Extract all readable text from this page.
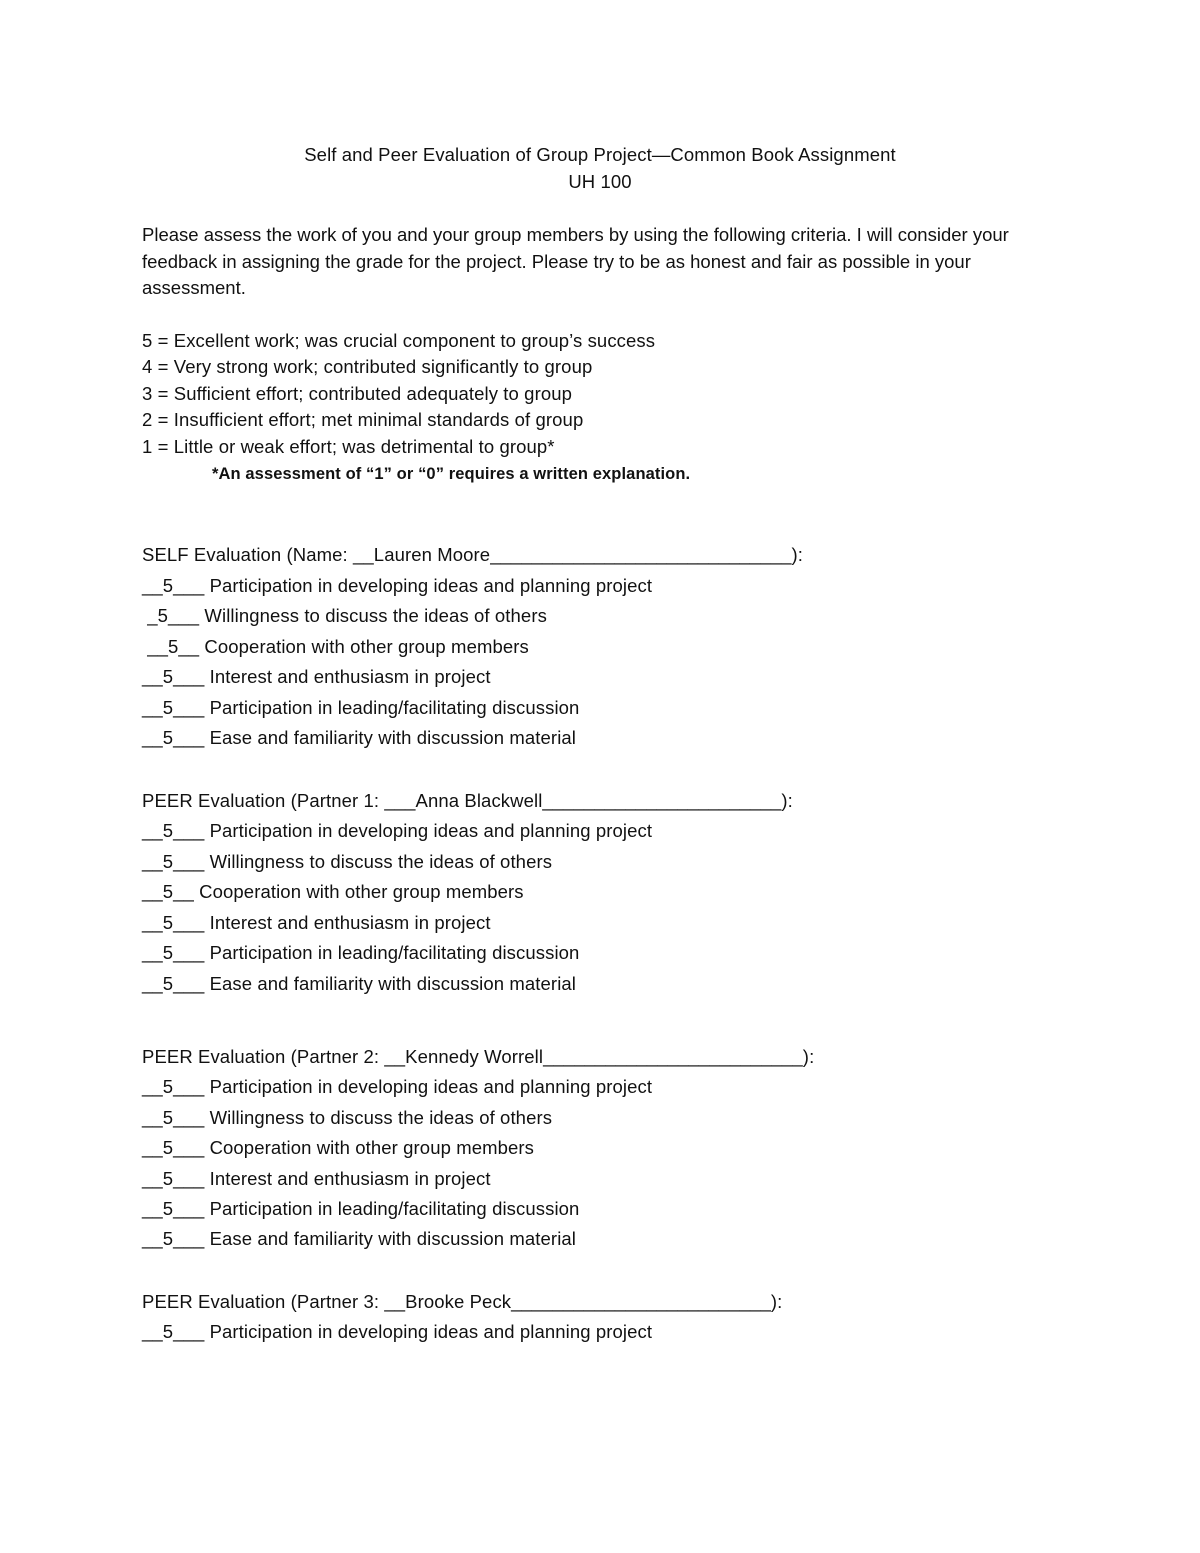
Self and Peer Evaluation of Group Project—Common Book Assignment
UH 100
Please assess the work of you and your group members by using the following criteria. I will consider your feedback in assigning the grade for the project. Please try to be as honest and fair as possible in your assessment.
5 = Excellent work; was crucial component to group’s success
4 = Very strong work; contributed significantly to group
3 = Sufficient effort; contributed adequately to group
2 = Insufficient effort; met minimal standards of group
1 = Little or weak effort; was detrimental to group*
*An assessment of “1” or “0” requires a written explanation.
SELF Evaluation (Name: __Lauren Moore_____________________________):
__5___ Participation in developing ideas and planning project
_5___ Willingness to discuss the ideas of others
__5__ Cooperation with other group members
__5___ Interest and enthusiasm in project
__5___ Participation in leading/facilitating discussion
__5___ Ease and familiarity with discussion material
PEER Evaluation (Partner 1: ___Anna Blackwell_______________________):
__5___ Participation in developing ideas and planning project
__5___ Willingness to discuss the ideas of others
__5__ Cooperation with other group members
__5___ Interest and enthusiasm in project
__5___ Participation in leading/facilitating discussion
__5___ Ease and familiarity with discussion material
PEER Evaluation (Partner 2: __Kennedy Worrell_________________________):
__5___ Participation in developing ideas and planning project
__5___ Willingness to discuss the ideas of others
__5___ Cooperation with other group members
__5___ Interest and enthusiasm in project
__5___ Participation in leading/facilitating discussion
__5___ Ease and familiarity with discussion material
PEER Evaluation (Partner 3: __Brooke Peck_________________________):
__5___ Participation in developing ideas and planning project
